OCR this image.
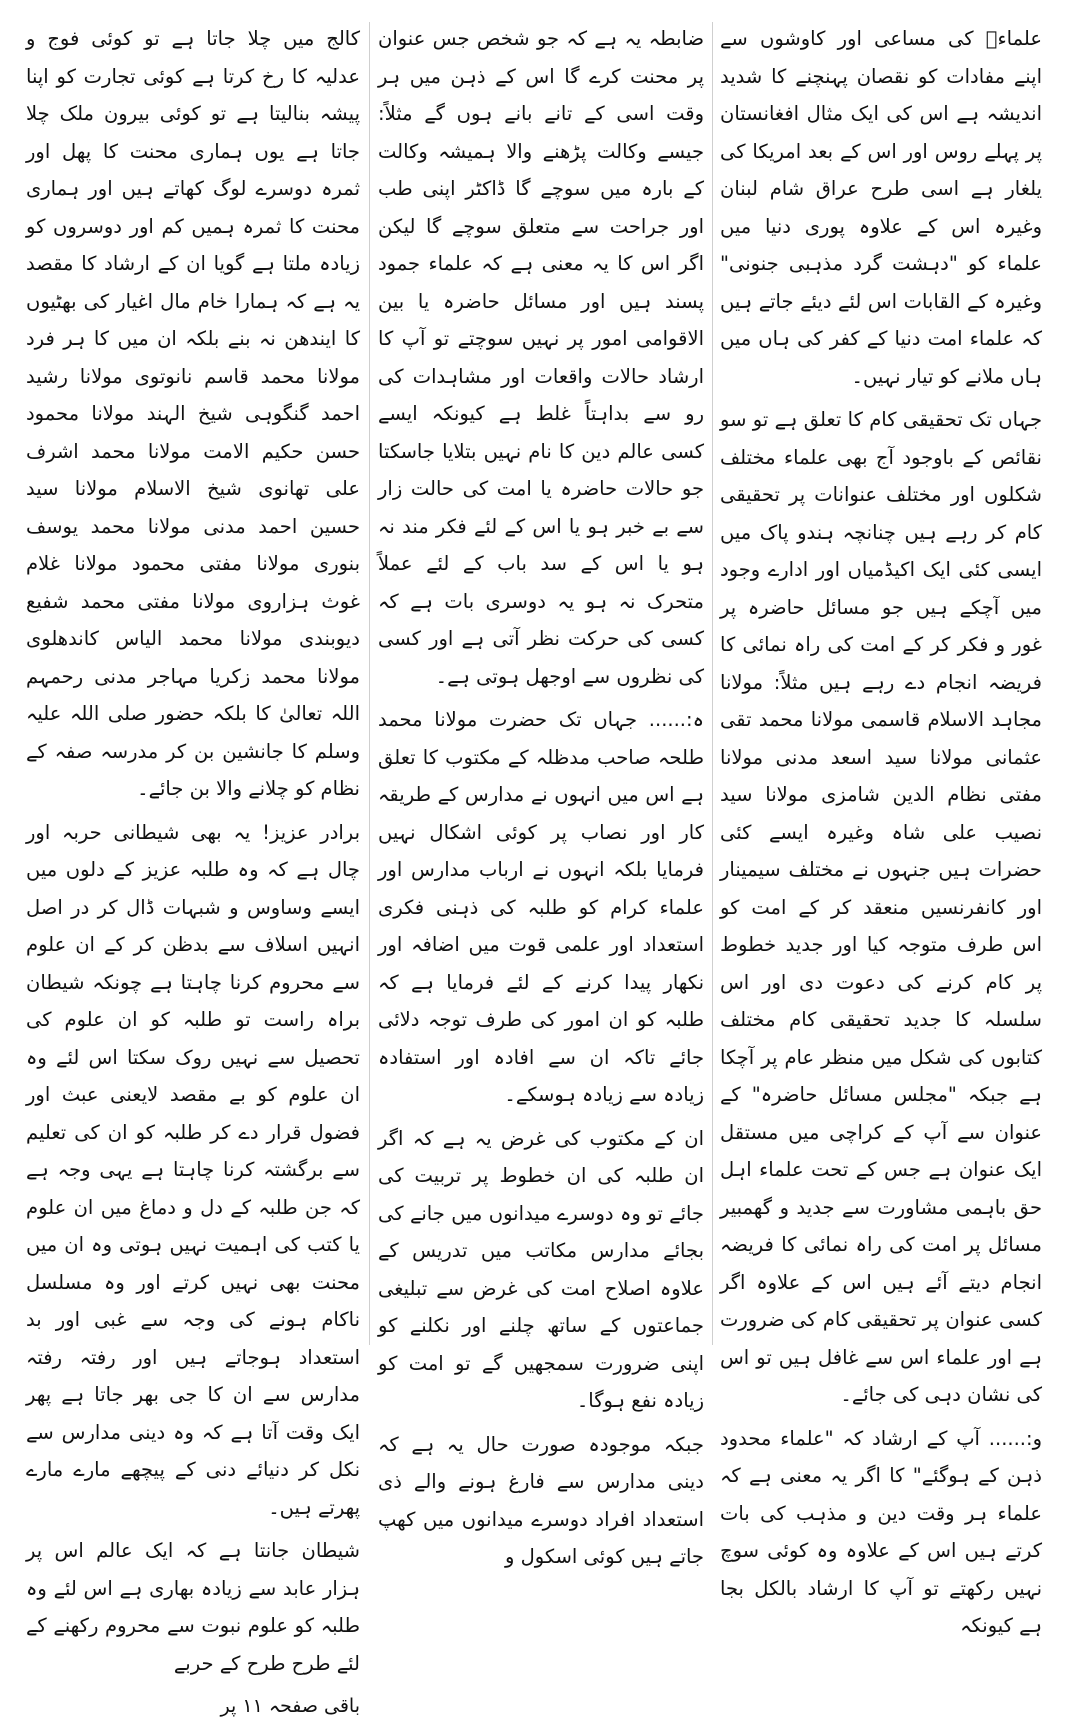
علماءؒ کی مساعی اور کاوشوں سے اپنے مفادات کو نقصان پہنچنے کا شدید اندیشہ ہے اس کی ایک مثال افغانستان پر پہلے روس اور اس کے بعد امریکا کی یلغار ہے اسی طرح عراق شام لبنان وغیرہ اس کے علاوہ پوری دنیا میں علماء کو "دہشت گرد مذہبی جنونی" وغیرہ کے القابات اس لئے دیئے جاتے ہیں کہ علماء امت دنیا کے کفر کی ہاں میں ہاں ملانے کو تیار نہیں۔

جہاں تک تحقیقی کام کا تعلق ہے تو سو نقائص کے باوجود آج بھی علماء مختلف شکلوں اور مختلف عنوانات پر تحقیقی کام کر رہے ہیں چنانچہ ہندو پاک میں ایسی کئی ایک اکیڈمیاں اور ادارے وجود میں آچکے ہیں جو مسائل حاضرہ پر غور و فکر کر کے امت کی راہ نمائی کا فریضہ انجام دے رہے ہیں مثلاً: مولانا مجاہد الاسلام قاسمی مولانا محمد تقی عثمانی مولانا سید اسعد مدنی مولانا مفتی نظام الدین شامزی مولانا سید نصیب علی شاہ وغیرہ ایسے کئی حضرات ہیں جنہوں نے مختلف سیمینار اور کانفرنسیں منعقد کر کے امت کو اس طرف متوجہ کیا اور جدید خطوط پر کام کرنے کی دعوت دی اور اس سلسلہ کا جدید تحقیقی کام مختلف کتابوں کی شکل میں منظر عام پر آچکا ہے جبکہ "مجلس مسائل حاضرہ" کے عنوان سے آپ کے کراچی میں مستقل ایک عنوان ہے جس کے تحت علماء اہل حق باہمی مشاورت سے جدید و گھمبیر مسائل پر امت کی راہ نمائی کا فریضہ انجام دیتے آئے ہیں اس کے علاوہ اگر کسی عنوان پر تحقیقی کام کی ضرورت ہے اور علماء اس سے غافل ہیں تو اس کی نشان دہی کی جائے۔

و:...... آپ کے ارشاد کہ "علماء محدود ذہن کے ہوگئے" کا اگر یہ معنی ہے کہ علماء ہر وقت دین و مذہب کی بات کرتے ہیں اس کے علاوہ وہ کوئی سوچ نہیں رکھتے تو آپ کا ارشاد بالکل بجا ہے کیونکہ

ضابطہ یہ ہے کہ جو شخص جس عنوان پر محنت کرے گا اس کے ذہن میں ہر وقت اسی کے تانے بانے ہوں گے مثلاً: جیسے وکالت پڑھنے والا ہمیشہ وکالت کے بارہ میں سوچے گا ڈاکٹر اپنی طب اور جراحت سے متعلق سوچے گا لیکن اگر اس کا یہ معنی ہے کہ علماء جمود پسند ہیں اور مسائل حاضرہ یا بین الاقوامی امور پر نہیں سوچتے تو آپ کا ارشاد حالات واقعات اور مشاہدات کی رو سے بداہتاً غلط ہے کیونکہ ایسے کسی عالم دین کا نام نہیں بتلایا جاسکتا جو حالات حاضرہ یا امت کی حالت زار سے بے خبر ہو یا اس کے لئے فکر مند نہ ہو یا اس کے سد باب کے لئے عملاً متحرک نہ ہو یہ دوسری بات ہے کہ کسی کی حرکت نظر آتی ہے اور کسی کی نظروں سے اوجھل ہوتی ہے۔

ہ:...... جہاں تک حضرت مولانا محمد طلحہ صاحب مدظلہ کے مکتوب کا تعلق ہے اس میں انہوں نے مدارس کے طریقہ کار اور نصاب پر کوئی اشکال نہیں فرمایا بلکہ انہوں نے ارباب مدارس اور علماء کرام کو طلبہ کی ذہنی فکری استعداد اور علمی قوت میں اضافہ اور نکھار پیدا کرنے کے لئے فرمایا ہے کہ طلبہ کو ان امور کی طرف توجہ دلائی جائے تاکہ ان سے افادہ اور استفادہ زیادہ سے زیادہ ہوسکے۔

ان کے مکتوب کی غرض یہ ہے کہ اگر ان طلبہ کی ان خطوط پر تربیت کی جائے تو وہ دوسرے میدانوں میں جانے کی بجائے مدارس مکاتب میں تدریس کے علاوہ اصلاح امت کی غرض سے تبلیغی جماعتوں کے ساتھ چلنے اور نکلنے کو اپنی ضرورت سمجھیں گے تو امت کو زیادہ نفع ہوگا۔

جبکہ موجودہ صورت حال یہ ہے کہ دینی مدارس سے فارغ ہونے والے ذی استعداد افراد دوسرے میدانوں میں کھپ جاتے ہیں کوئی اسکول و

کالج میں چلا جاتا ہے تو کوئی فوج و عدلیہ کا رخ کرتا ہے کوئی تجارت کو اپنا پیشہ بنالیتا ہے تو کوئی بیرون ملک چلا جاتا ہے یوں ہماری محنت کا پھل اور ثمرہ دوسرے لوگ کھاتے ہیں اور ہماری محنت کا ثمرہ ہمیں کم اور دوسروں کو زیادہ ملتا ہے گویا ان کے ارشاد کا مقصد یہ ہے کہ ہمارا خام مال اغیار کی بھٹیوں کا ایندھن نہ بنے بلکہ ان میں کا ہر فرد مولانا محمد قاسم نانوتوی مولانا رشید احمد گنگوہی شیخ الہند مولانا محمود حسن حکیم الامت مولانا محمد اشرف علی تھانوی شیخ الاسلام مولانا سید حسین احمد مدنی مولانا محمد یوسف بنوری مولانا مفتی محمود مولانا غلام غوث ہزاروی مولانا مفتی محمد شفیع دیوبندی مولانا محمد الیاس کاندھلوی مولانا محمد زکریا مہاجر مدنی رحمہم اللہ تعالیٰ کا بلکہ حضور صلی اللہ علیہ وسلم کا جانشین بن کر مدرسہ صفہ کے نظام کو چلانے والا بن جائے۔

برادر عزیز! یہ بھی شیطانی حربہ اور چال ہے کہ وہ طلبہ عزیز کے دلوں میں ایسے وساوس و شبہات ڈال کر در اصل انہیں اسلاف سے بدظن کر کے ان علوم سے محروم کرنا چاہتا ہے چونکہ شیطان براہ راست تو طلبہ کو ان علوم کی تحصیل سے نہیں روک سکتا اس لئے وہ ان علوم کو بے مقصد لایعنی عبث اور فضول قرار دے کر طلبہ کو ان کی تعلیم سے برگشتہ کرنا چاہتا ہے یہی وجہ ہے کہ جن طلبہ کے دل و دماغ میں ان علوم یا کتب کی اہمیت نہیں ہوتی وہ ان میں محنت بھی نہیں کرتے اور وہ مسلسل ناکام ہونے کی وجہ سے غبی اور بد استعداد ہوجاتے ہیں اور رفتہ رفتہ مدارس سے ان کا جی بھر جاتا ہے پھر ایک وقت آتا ہے کہ وہ دینی مدارس سے نکل کر دنیائے دنی کے پیچھے مارے مارے پھرتے ہیں۔

شیطان جانتا ہے کہ ایک عالم اس پر ہزار عابد سے زیادہ بھاری ہے اس لئے وہ طلبہ کو علوم نبوت سے محروم رکھنے کے لئے طرح طرح کے حربے

باقی صفحہ ۱۱ پر
